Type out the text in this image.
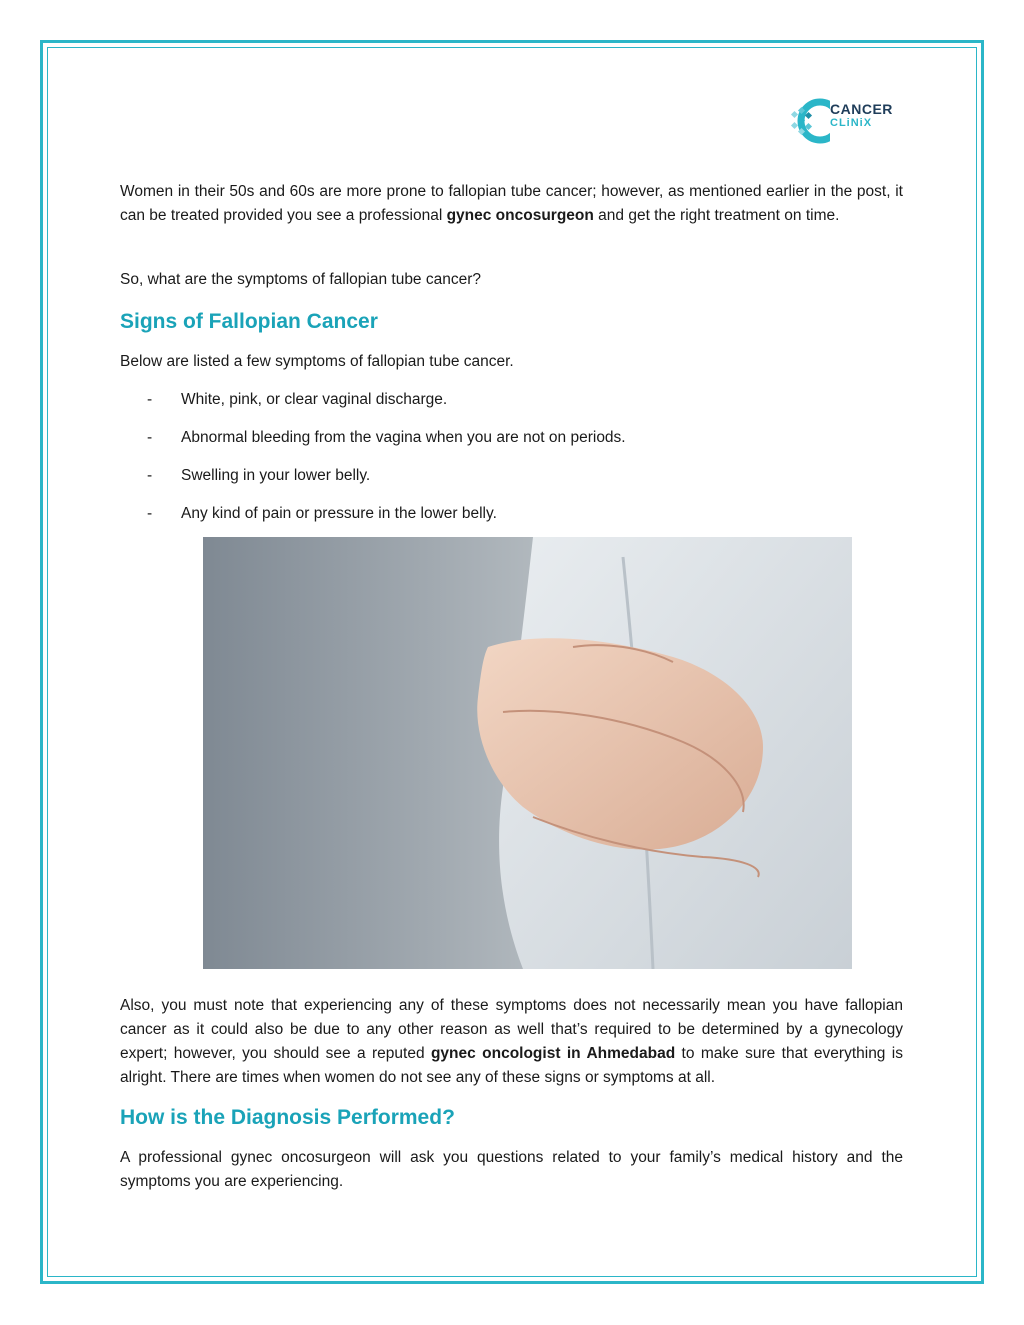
CANCER
CLiNiX

Women in their 50s and 60s are more prone to fallopian tube cancer; however, as mentioned earlier in the post, it can be treated provided you see a professional gynec oncosurgeon and get the right treatment on time.

So, what are the symptoms of fallopian tube cancer?

Signs of Fallopian Cancer

Below are listed a few symptoms of fallopian tube cancer.

- White, pink, or clear vaginal discharge.
- Abnormal bleeding from the vagina when you are not on periods.
- Swelling in your lower belly.
- Any kind of pain or pressure in the lower belly.

Also, you must note that experiencing any of these symptoms does not necessarily mean you have fallopian cancer as it could also be due to any other reason as well that’s required to be determined by a gynecology expert; however, you should see a reputed gynec oncologist in Ahmedabad to make sure that everything is alright. There are times when women do not see any of these signs or symptoms at all.

How is the Diagnosis Performed?

A professional gynec oncosurgeon will ask you questions related to your family’s medical history and the symptoms you are experiencing.
